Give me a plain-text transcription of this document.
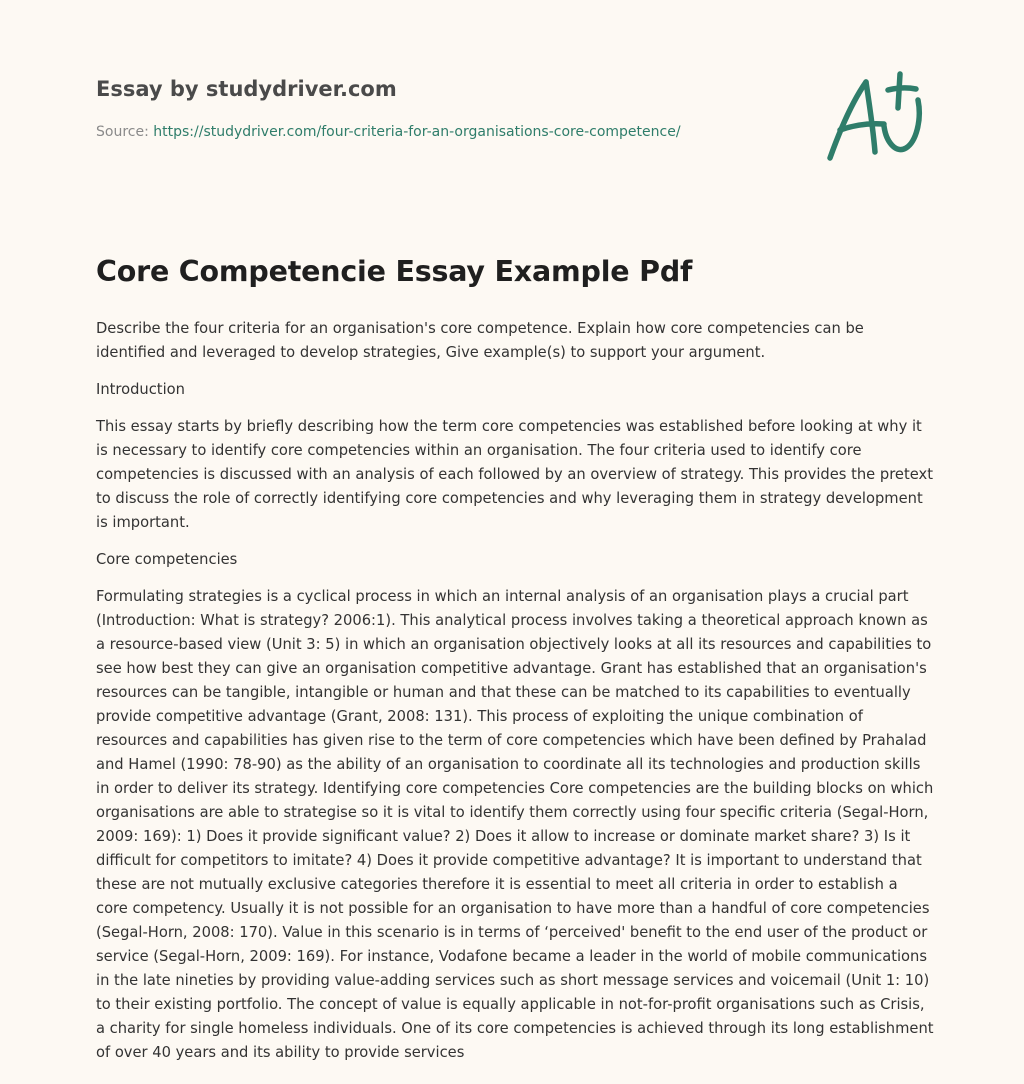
Essay by studydriver.com
Source: https://studydriver.com/four-criteria-for-an-organisations-core-competence/
Core Competencie Essay Example Pdf

Describe the four criteria for an organisation's core competence. Explain how core competencies can be identified and leveraged to develop strategies, Give example(s) to support your argument.

Introduction

This essay starts by briefly describing how the term core competencies was established before looking at why it is necessary to identify core competencies within an organisation. The four criteria used to identify core competencies is discussed with an analysis of each followed by an overview of strategy. This provides the pretext to discuss the role of correctly identifying core competencies and why leveraging them in strategy development is important.

Core competencies

Formulating strategies is a cyclical process in which an internal analysis of an organisation plays a crucial part (Introduction: What is strategy? 2006:1). This analytical process involves taking a theoretical approach known as a resource-based view (Unit 3: 5) in which an organisation objectively looks at all its resources and capabilities to see how best they can give an organisation competitive advantage. Grant has established that an organisation's resources can be tangible, intangible or human and that these can be matched to its capabilities to eventually provide competitive advantage (Grant, 2008: 131). This process of exploiting the unique combination of resources and capabilities has given rise to the term of core competencies which have been defined by Prahalad and Hamel (1990: 78-90) as the ability of an organisation to coordinate all its technologies and production skills in order to deliver its strategy. Identifying core competencies Core competencies are the building blocks on which organisations are able to strategise so it is vital to identify them correctly using four specific criteria (Segal-Horn, 2009: 169): 1) Does it provide significant value? 2) Does it allow to increase or dominate market share? 3) Is it difficult for competitors to imitate? 4) Does it provide competitive advantage? It is important to understand that these are not mutually exclusive categories therefore it is essential to meet all criteria in order to establish a core competency. Usually it is not possible for an organisation to have more than a handful of core competencies (Segal-Horn, 2008: 170). Value in this scenario is in terms of ‘perceived' benefit to the end user of the product or service (Segal-Horn, 2009: 169). For instance, Vodafone became a leader in the world of mobile communications in the late nineties by providing value-adding services such as short message services and voicemail (Unit 1: 10) to their existing portfolio. The concept of value is equally applicable in not-for-profit organisations such as Crisis, a charity for single homeless individuals. One of its core competencies is achieved through its long establishment of over 40 years and its ability to provide services
